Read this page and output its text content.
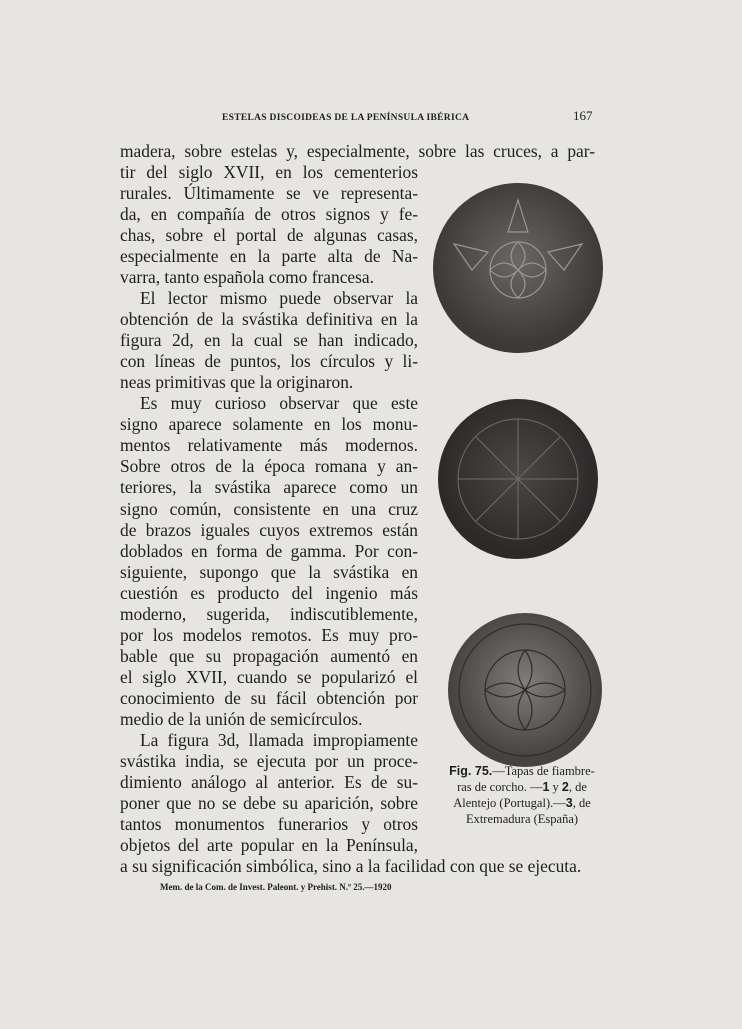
ESTELAS DISCOIDEAS DE LA PENÍNSULA IBÉRICA	167
madera, sobre estelas y, especialmente, sobre las cruces, a par-
tir del siglo XVII, en los cementerios
rurales. Últimamente se ve representa-
da, en compañía de otros signos y fe-
chas, sobre el portal de algunas casas,
especialmente en la parte alta de Na-
varra, tanto española como francesa.
El lector mismo puede observar la
obtención de la svástika definitiva en la
figura 2d, en la cual se han indicado,
con líneas de puntos, los círculos y li-
neas primitivas que la originaron.
Es muy curioso observar que este
signo aparece solamente en los monu-
mentos relativamente más modernos.
Sobre otros de la época romana y an-
teriores, la svástika aparece como un
signo común, consistente en una cruz
de brazos iguales cuyos extremos están
doblados en forma de gamma. Por con-
siguiente, supongo que la svástika en
cuestión es producto del ingenio más
moderno, sugerida, indiscutiblemente,
por los modelos remotos. Es muy pro-
bable que su propagación aumentó en
el siglo XVII, cuando se popularizó el
conocimiento de su fácil obtención por
medio de la unión de semicírculos.
La figura 3d, llamada impropiamente
svástika india, se ejecuta por un proce-
dimiento análogo al anterior. Es de su-
poner que no se debe su aparición, sobre
tantos monumentos funerarios y otros
objetos del arte popular en la Península,
a su significación simbólica, sino a la facilidad con que se ejecuta.
Fig. 75.—Tapas de fiambre-
ras de corcho. —1 y 2, de
Alentejo (Portugal).—3, de
Extremadura (España)
Mem. de la Com. de Invest. Paleont. y Prehist. N.º 25.—1920
